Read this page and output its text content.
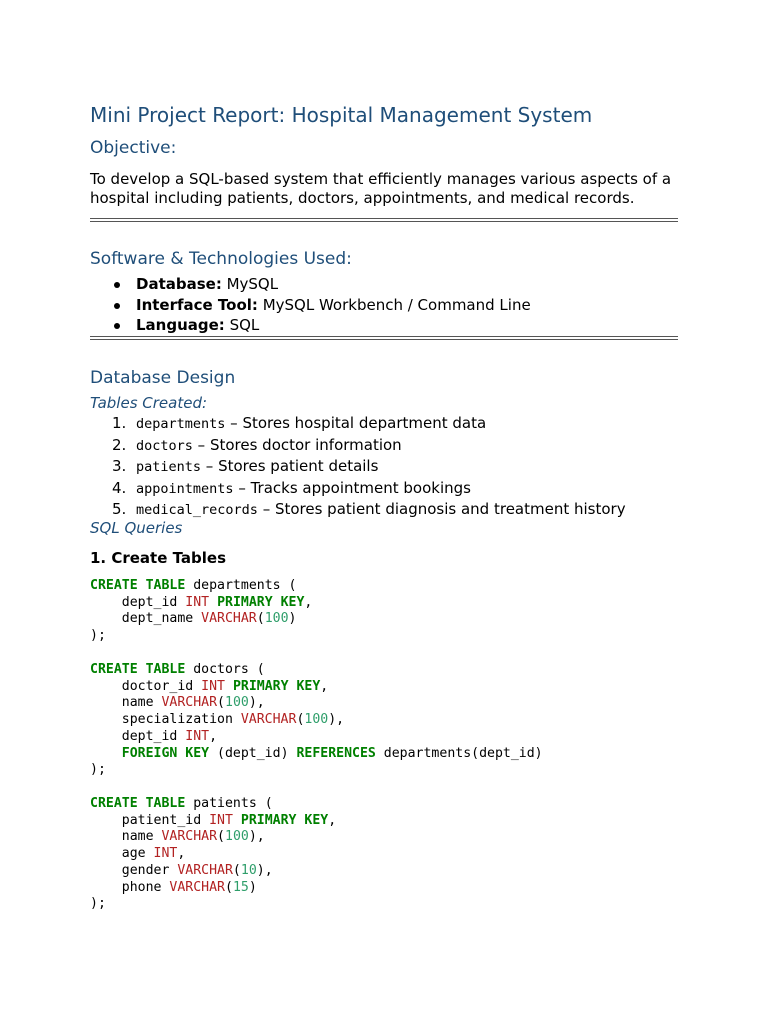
Mini Project Report: Hospital Management System
Objective:

To develop a SQL-based system that efficiently manages various aspects of a hospital including patients, doctors, appointments, and medical records.

Software & Technologies Used:
Database: MySQL
Interface Tool: MySQL Workbench / Command Line
Language: SQL
Database Design
Tables Created:
1. departments – Stores hospital department data
2. doctors – Stores doctor information
3. patients – Stores patient details
4. appointments – Tracks appointment bookings
5. medical_records – Stores patient diagnosis and treatment history
SQL Queries
1. Create Tables
CREATE TABLE departments (
dept_id INT PRIMARY KEY,
dept_name VARCHAR(100)
);
CREATE TABLE doctors (
doctor_id INT PRIMARY KEY,
name VARCHAR(100),
specialization VARCHAR(100),
dept_id INT,
FOREIGN KEY (dept_id) REFERENCES departments(dept_id)
);
CREATE TABLE patients (
patient_id INT PRIMARY KEY,
name VARCHAR(100),
age INT,
gender VARCHAR(10),
phone VARCHAR(15)
);
